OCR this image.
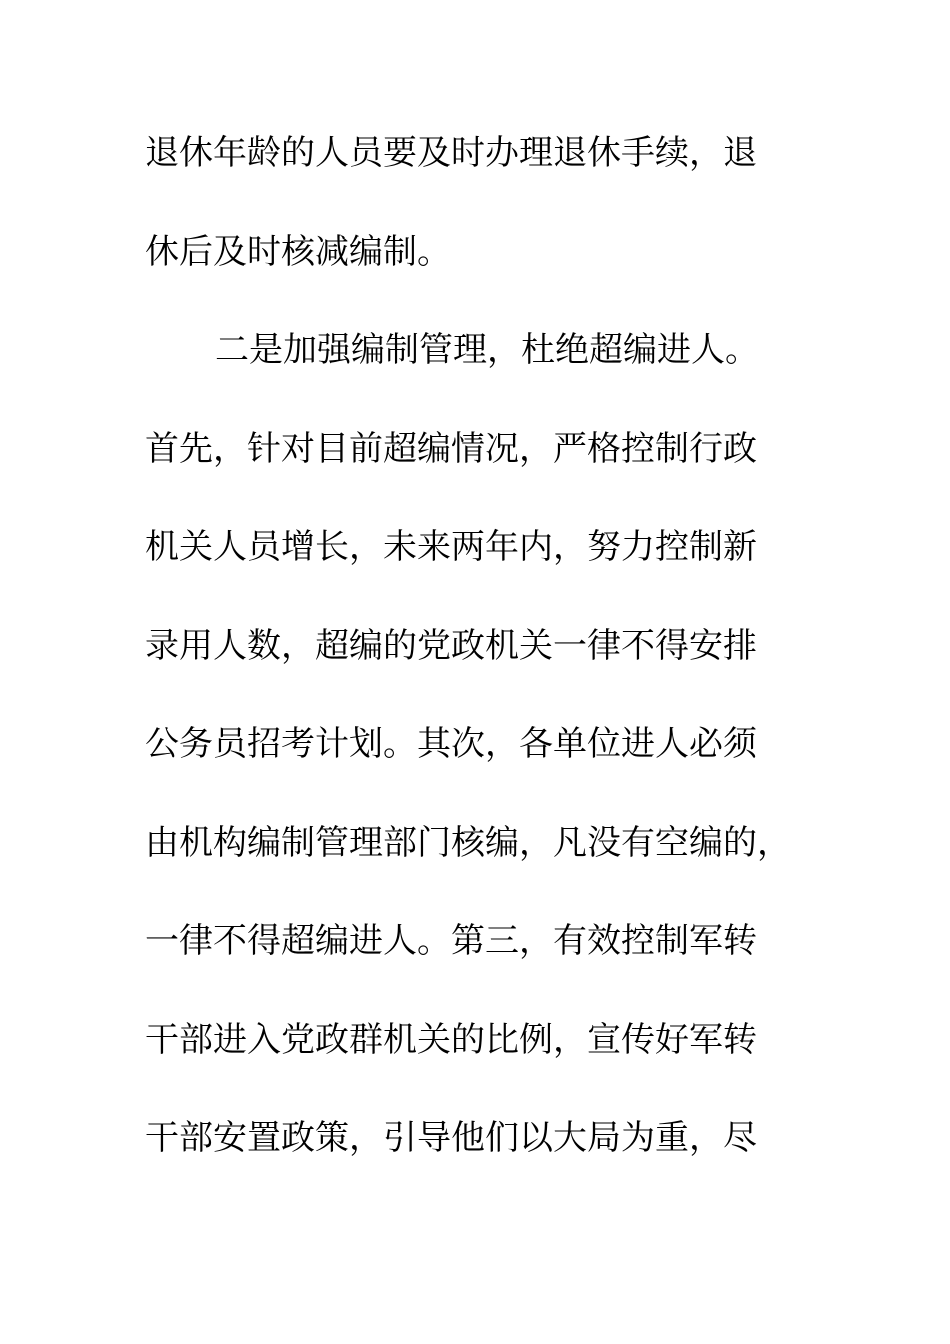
退休年龄的人员要及时办理退休手续，退
休后及时核减编制。
二是加强编制管理，杜绝超编进人。
首先，针对目前超编情况，严格控制行政
机关人员增长，未来两年内，努力控制新
录用人数，超编的党政机关一律不得安排
公务员招考计划。其次，各单位进人必须
由机构编制管理部门核编，凡没有空编的，
一律不得超编进人。第三，有效控制军转
干部进入党政群机关的比例，宣传好军转
干部安置政策，引导他们以大局为重，尽
